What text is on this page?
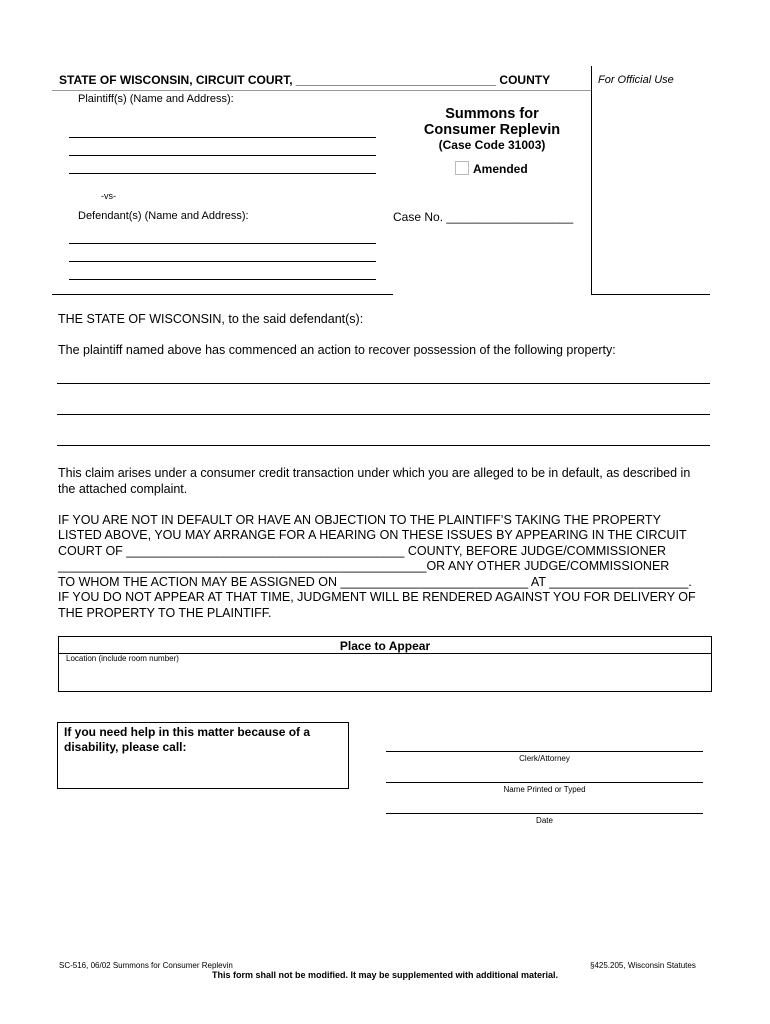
STATE OF WISCONSIN, CIRCUIT COURT, ______________________________ COUNTY	For Official Use
Plaintiff(s) (Name and Address):
-vs-
Defendant(s) (Name and Address):
Summons for
Consumer Replevin
(Case Code 31003)
Amended
Case No. ___________________
THE STATE OF WISCONSIN, to the said defendant(s):
The plaintiff named above has commenced an action to recover possession of the following property:
This claim arises under a consumer credit transaction under which you are alleged to be in default, as described in
the attached complaint.
IF YOU ARE NOT IN DEFAULT OR HAVE AN OBJECTION TO THE PLAINTIFF’S TAKING THE PROPERTY
LISTED ABOVE, YOU MAY ARRANGE FOR A HEARING ON THESE ISSUES BY APPEARING IN THE CIRCUIT
COURT OF ________________________________________ COUNTY, BEFORE JUDGE/COMMISSIONER
_____________________________________________________OR ANY OTHER JUDGE/COMMISSIONER
TO WHOM THE ACTION MAY BE ASSIGNED ON ___________________________ AT ____________________.
IF YOU DO NOT APPEAR AT THAT TIME, JUDGMENT WILL BE RENDERED AGAINST YOU FOR DELIVERY OF
THE PROPERTY TO THE PLAINTIFF.
Place to Appear
Location (include room number)
If you need help in this matter because of a
disability, please call:
Clerk/Attorney
Name Printed or Typed
Date
SC-516, 06/02 Summons for Consumer Replevin	§425.205, Wisconsin Statutes
This form shall not be modified. It may be supplemented with additional material.
